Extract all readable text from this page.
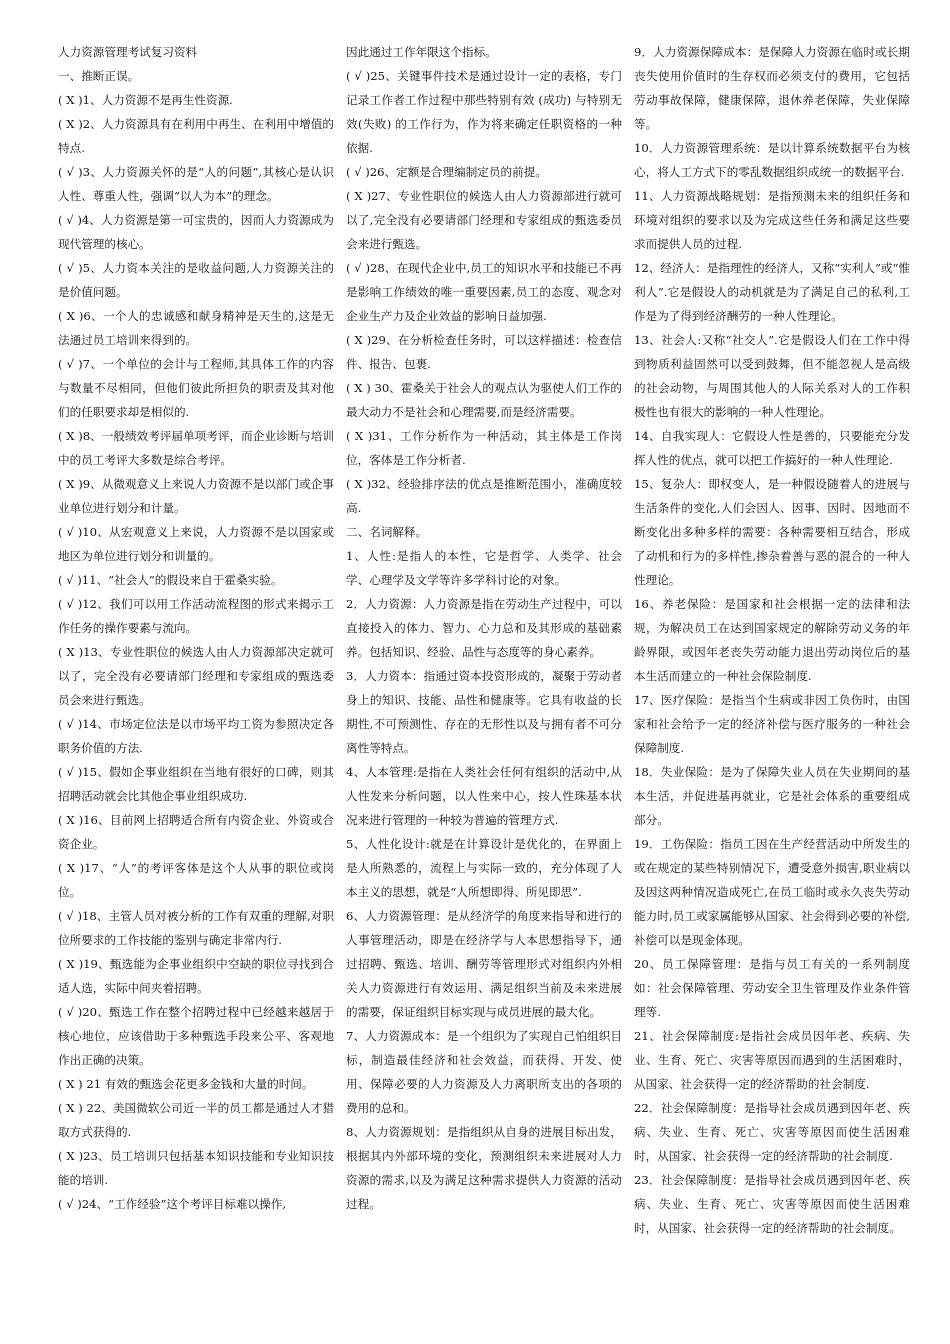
人力资源管理考试复习资料

一、推断正误。

( X )1、人力资源不是再生性资源.

( X )2、人力资源具有在利用中再生、在利用中增值的特点.

( √ )3、人力资源关怀的是“人的问题”,其核心是认识人性、尊重人性，强调“以人为本”的理念。

( √ )4、人力资源是第一可宝贵的，因而人力资源成为现代管理的核心。

( √ )5、人力资本关注的是收益问题,人力资源关注的是价值问题。

( X )6、一个人的忠诚感和献身精神是天生的,这是无法通过员工培训来得到的。

( √ )7、一个单位的会计与工程师,其具体工作的内容与数量不尽相同，但他们彼此所担负的职责及其对他们的任职要求却是相似的.

( X )8、一般绩效考评届单项考评，而企业诊断与培训中的员工考评大多数是综合考评。

( X )9、从微观意义上来说人力资源不是以部门或企事业单位进行划分和计量。

( √ )10、从宏观意义上来说，人力资源不是以国家或地区为单位进行划分和训量的。

( √ )11、“社会人”的假设来自于霍桑实验。

( √ )12、我们可以用工作活动流程图的形式来揭示工作任务的操作要素与流向。

( X )13、专业性职位的候选人由人力资源部决定就可以了，完全没有必要请部门经理和专家组成的甄选委员会来进行甄选。

( √ )14、市场定位法是以市场平均工资为参照决定各职务价值的方法.

( √ )15、假如企事业组织在当地有很好的口碑，则其招聘活动就会比其他企事业组织成功.

( X )16、目前网上招聘适合所有内资企业、外资或合资企业。

( X )17、“人”的考评客体是这个人从事的职位或岗位。

( √ )18、主管人员对被分析的工作有双重的理解,对职位所要求的工作技能的鉴别与确定非常内行.

( X )19、甄选能为企事业组织中空缺的职位寻找到合适人选，实际中间夹着招聘。

( √ )20、甄选工作在整个招聘过程中已经越来越居于核心地位，应该借助于多种甄选手段来公平、客观地作出正确的决策。

( X ) 21 有效的甄选会花更多金钱和大量的时间。

( X ) 22、美国微软公司近一半的员工都是通过人才猎取方式获得的.

( X )23、员工培训只包括基本知识技能和专业知识技能的培训.

( √ )24、“工作经验”这个考评目标难以操作,

因此通过工作年限这个指标。

( √ )25、关键事件技术是通过设计一定的表格，专门记录工作者工作过程中那些特别有效 (成功) 与特别无效(失败) 的工作行为，作为将来确定任职资格的一种依据.

( √ )26、定额是合理编制定员的前提。

( X )27、专业性职位的候选人由人力资源部进行就可以了,完全没有必要请部门经理和专家组成的甄选委员会来进行甄选。

( √ )28、在现代企业中,员工的知识水平和技能已不再是影响工作绩效的唯一重要因素,员工的态度、观念对企业生产力及企业效益的影响日益加强.

( X )29、在分析检查任务时，可以这样描述：检查信件、报告、包裹.

( X ) 30、霍桑关于社会人的观点认为驱使人们工作的最大动力不是社会和心理需要,而是经济需要。

( X )31、工作分析作为一种活动，其主体是工作岗位，客体是工作分析者.

( X )32、经验排序法的优点是推断范围小，准确度较高.

二、名词解释。

1、人性:是指人的本性，它是哲学、人类学、社会学、心理学及文学等许多学科讨论的对象。

2．人力资源：人力资源是指在劳动生产过程中，可以直接投入的体力、智力、心力总和及其形成的基础素养。包括知识、经验、品性与态度等的身心素养。

3．人力资本：指通过资本投资形成的，凝聚于劳动者身上的知识、技能、品性和健康等。它具有收益的长期性,不可预测性、存在的无形性以及与拥有者不可分离性等特点。

4、人本管理:是指在人类社会任何有组织的活动中,从人性发来分析问题，以人性来中心，按人性珠基本状况来进行管理的一种较为普遍的管理方式.

5、人性化设计:就是在计算设计是优化的，在界面上是人所熟悉的，流程上与实际一致的，充分体现了人本主义的思想，就是“人所想即得、所见即思”.

6、人力资源管理：是从经济学的角度来指导和进行的人事管理活动，即是在经济学与人本思想指导下，通过招聘、甄选、培训、酬劳等管理形式对组织内外相关人力资源进行有效运用、满足组织当前及未来进展的需要，保证组织目标实现与成员进展的最大化。

7、人力资源成本：是一个组织为了实现自己怕组织目标，制造最佳经济和社会效益，而获得、开发、使用、保障必要的人力资源及人力离职所支出的各项的费用的总和。

8、人力资源规划：是指组织从自身的进展目标出发，根据其内外部环境的变化，预测组织未来进展对人力资源的需求,以及为满足这种需求提供人力资源的活动过程。

9．人力资源保障成本：是保障人力资源在临时或长期丧失使用价值时的生存权而必须支付的费用，它包括劳动事故保障，健康保障，退休养老保障，失业保障等。

10．人力资源管理系统：是以计算系统数据平台为核心，将人工方式下的零乱数据组织成统一的数据平台.

11、人力资源战略规划：是指预测未来的组织任务和环境对组织的要求以及为完成这些任务和满足这些要求而提供人员的过程.

12、经济人：是指理性的经济人，又称“实利人”或“惟利人”.它是假设人的动机就是为了满足自己的私利,工作是为了得到经济酬劳的一种人性理论。

13、社会人:又称“社交人”.它是假设人们在工作中得到物质利益固然可以受到鼓舞，但不能忽视人是高级的社会动物，与周围其他人的人际关系对人的工作积极性也有很大的影响的一种人性理论。

14、自我实现人：它假设人性是善的，只要能充分发挥人性的优点，就可以把工作搞好的一种人性理论.

15、复杂人：即权变人，是一种假设随着人的进展与生活条件的变化,人们会因人、因事、因时、因地而不断变化出多种多样的需要：各种需要相互结合，形成了动机和行为的多样性,掺杂着善与恶的混合的一种人性理论。

16、养老保险：是国家和社会根据一定的法律和法规，为解决员工在达到国家规定的解除劳动义务的年龄界限，或因年老丧失劳动能力退出劳动岗位后的基本生活而建立的一种社会保险制度.

17、医疗保险：是指当个生病或非因工负伤时，由国家和社会给予一定的经济补偿与医疗服务的一种社会保障制度.

18．失业保险：是为了保障失业人员在失业期间的基本生活，并促进基再就业，它是社会体系的重要组成部分。

19．工伤保险：指员工因在生产经营活动中所发生的或在规定的某些特别情况下，遭受意外损害,职业病以及因这两种情况造成死亡,在员工临时或永久丧失劳动能力时,员工或家属能够从国家、社会得到必要的补偿,补偿可以是现金体现。

20、员工保障管理：是指与员工有关的一系列制度如：社会保障管理、劳动安全卫生管理及作业条件管理等.

21、社会保障制度:是指社会成员因年老、疾病、失业、生育、死亡、灾害等原因而遇到的生活困难时，从国家、社会获得一定的经济帮助的社会制度.

22．社会保障制度：是指导社会成员遇到因年老、疾病、失业、生育、死亡、灾害等原因而使生活困难时，从国家、社会获得一定的经济帮助的社会制度.

23．社会保障制度：是指导社会成员遇到因年老、疾病、失业、生育、死亡、灾害等原因而使生活困难时，从国家、社会获得一定的经济帮助的社会制度。
